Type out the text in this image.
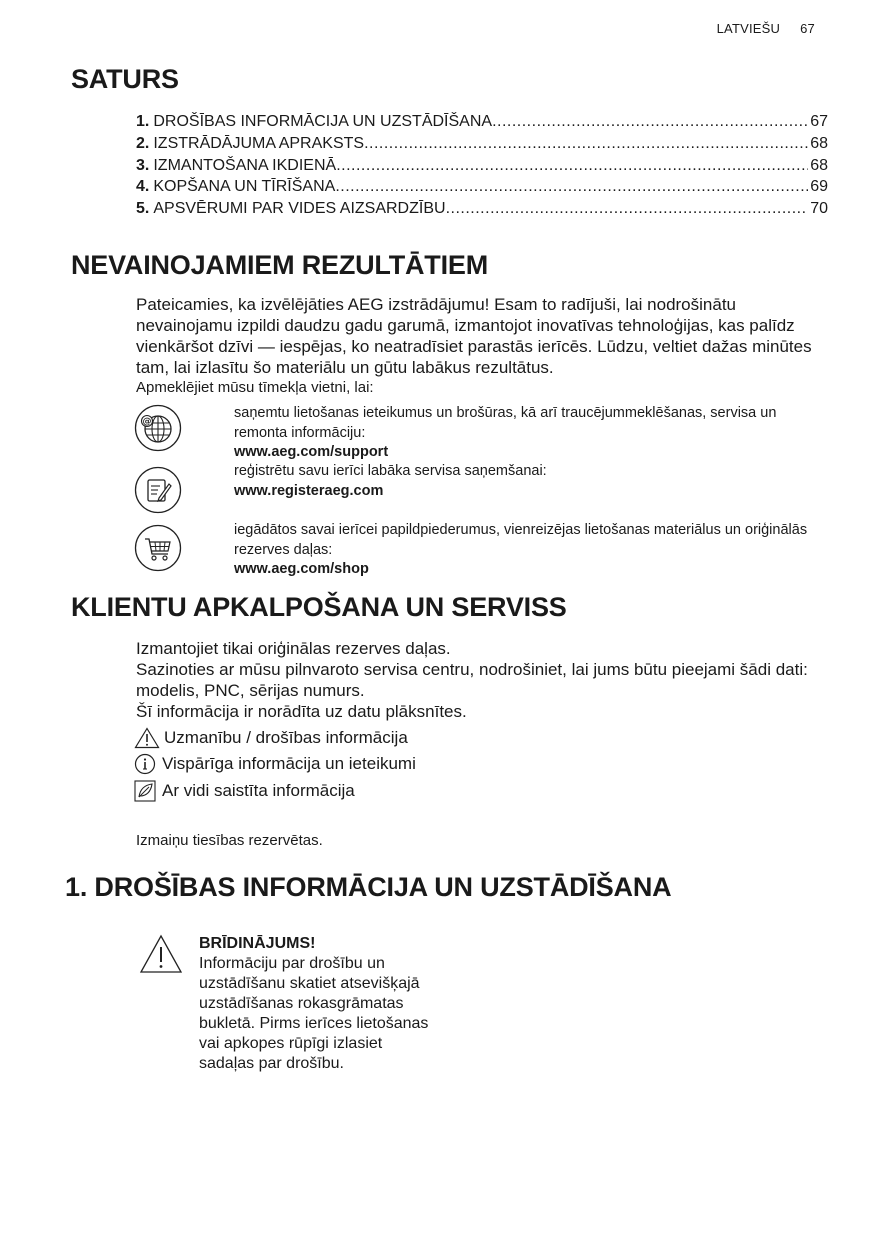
LATVIEŠU 67
SATURS
1. DROŠĪBAS INFORMĀCIJA UN UZSTĀDĪŠANA .....	67
2. IZSTRĀDĀJUMA APRAKSTS .....	68
3. IZMANTOŠANA IKDIENĀ .....	68
4. KOPŠANA UN TĪRĪŠANA .....	69
5. APSVĒRUMI PAR VIDES AIZSARDZĪBU .....	70
NEVAINOJAMIEM REZULTĀTIEM
Pateicamies, ka izvēlējāties AEG izstrādājumu! Esam to radījuši, lai nodrošinātu nevainojamu izpildi daudzu gadu garumā, izmantojot inovatīvas tehnoloģijas, kas palīdz vienkāršot dzīvi — iespējas, ko neatradīsiet parastās ierīcēs. Lūdzu, veltiet dažas minūtes tam, lai izlasītu šo materiālu un gūtu labākus rezultātus.
Apmeklējiet mūsu tīmekļa vietni, lai:
@
saņemtu lietošanas ieteikumus un brošūras, kā arī traucējummeklēšanas, servisa un remonta informāciju:
www.aeg.com/support
reģistrētu savu ierīci labāka servisa saņemšanai:
www.registeraeg.com
iegādātos savai ierīcei papildpiederumus, vienreizējas lietošanas materiālus un oriģinālās rezerves daļas:
www.aeg.com/shop
KLIENTU APKALPOŠANA UN SERVISS
Izmantojiet tikai oriģinālas rezerves daļas.
Sazinoties ar mūsu pilnvaroto servisa centru, nodrošiniet, lai jums būtu pieejami šādi dati: modelis, PNC, sērijas numurs.
Šī informācija ir norādīta uz datu plāksnītes.
Uzmanību / drošības informācija
Vispārīga informācija un ieteikumi
Ar vidi saistīta informācija
Izmaiņu tiesības rezervētas.
1. DROŠĪBAS INFORMĀCIJA UN UZSTĀDĪŠANA
BRĪDINĀJUMS!
Informāciju par drošību un uzstādīšanu skatiet atsevišķajā uzstādīšanas rokasgrāmatas bukletā. Pirms ierīces lietošanas vai apkopes rūpīgi izlasiet sadaļas par drošību.
